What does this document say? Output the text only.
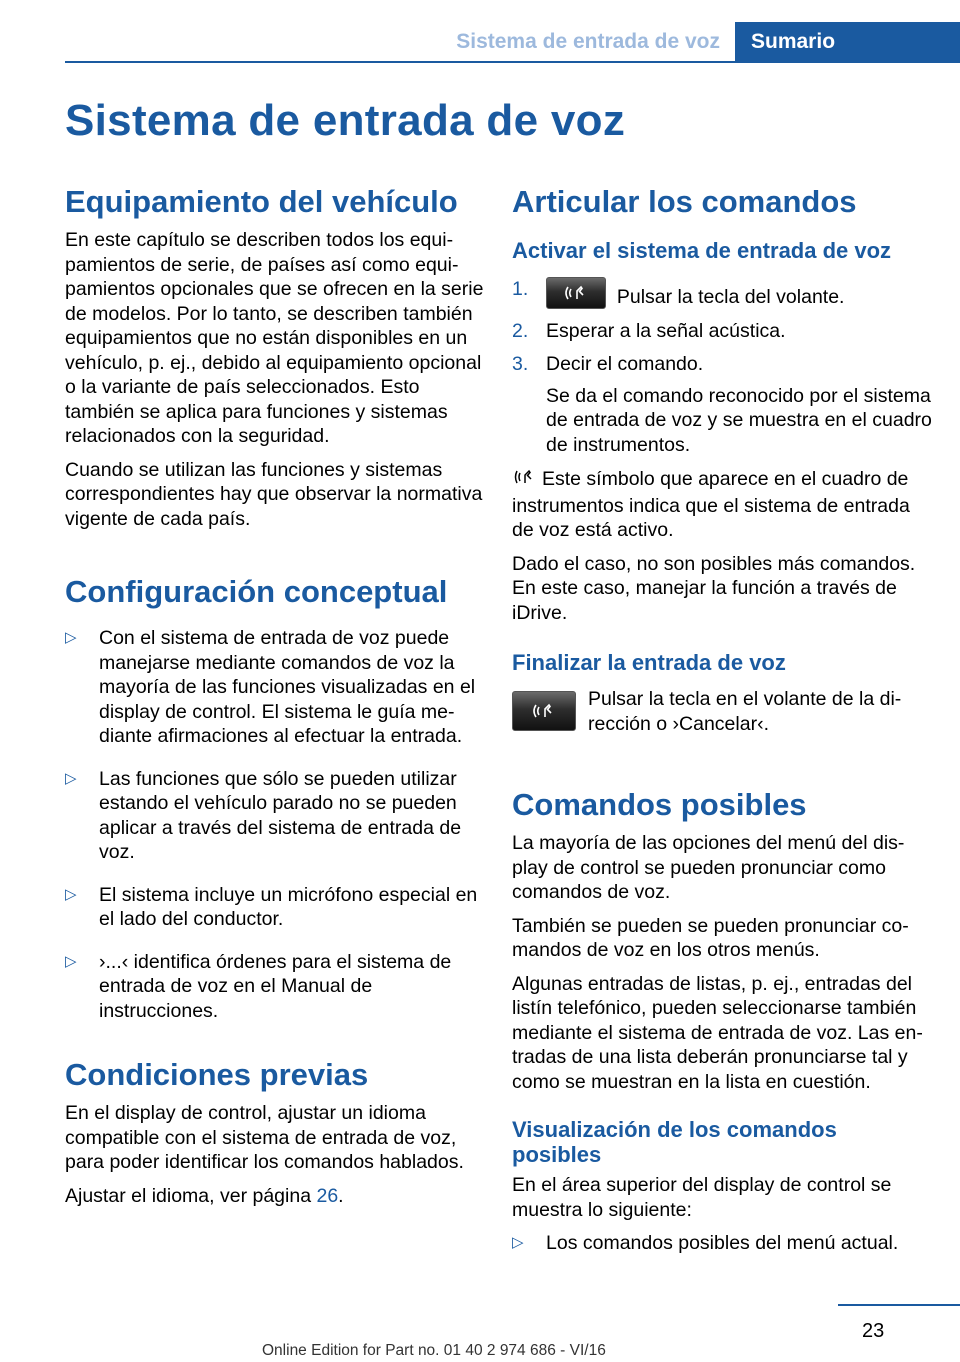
Sistema de entrada de voz	Sumario
Sistema de entrada de voz
Equipamiento del vehículo

En este capítulo se describen todos los equipamientos de serie, de países así como equipamientos opcionales que se ofrecen en la serie de modelos. Por lo tanto, se describen también equipamientos que no están disponibles en un vehículo, p. ej., debido al equipamiento opcional o la variante de país seleccionados. Esto también se aplica para funciones y sistemas relacionados con la seguridad.

Cuando se utilizan las funciones y sistemas correspondientes hay que observar la normativa vigente de cada país.

Configuración conceptual
▷	Con el sistema de entrada de voz puede manejarse mediante comandos de voz la mayoría de las funciones visualizadas en el display de control. El sistema le guía mediante afirmaciones al efectuar la entrada.
▷	Las funciones que sólo se pueden utilizar estando el vehículo parado no se pueden aplicar a través del sistema de entrada de voz.
▷	El sistema incluye un micrófono especial en el lado del conductor.
▷	›...‹ identifica órdenes para el sistema de entrada de voz en el Manual de instrucciones.
Condiciones previas

En el display de control, ajustar un idioma compatible con el sistema de entrada de voz, para poder identificar los comandos hablados.

Ajustar el idioma, ver página 26.

Articular los comandos
Activar el sistema de entrada de voz
1.	Pulsar la tecla del volante.
2. Esperar a la señal acústica.
3. Decir el comando.

Se da el comando reconocido por el sistema de entrada de voz y se muestra en el cuadro de instrumentos.

Este símbolo que aparece en el cuadro de instrumentos indica que el sistema de entrada de voz está activo.

Dado el caso, no son posibles más comandos. En este caso, manejar la función a través de iDrive.

Finalizar la entrada de voz

Pulsar la tecla en el volante de la dirección o ›Cancelar‹.

Comandos posibles

La mayoría de las opciones del menú del display de control se pueden pronunciar como comandos de voz.

También se pueden se pueden pronunciar comandos de voz en los otros menús.

Algunas entradas de listas, p. ej., entradas del listín telefónico, pueden seleccionarse también mediante el sistema de entrada de voz. Las entradas de una lista deberán pronunciarse tal y como se muestran en la lista en cuestión.

Visualización de los comandos posibles

En el área superior del display de control se muestra lo siguiente:

▷	Los comandos posibles del menú actual.
23
Online Edition for Part no. 01 40 2 974 686 - VI/16
